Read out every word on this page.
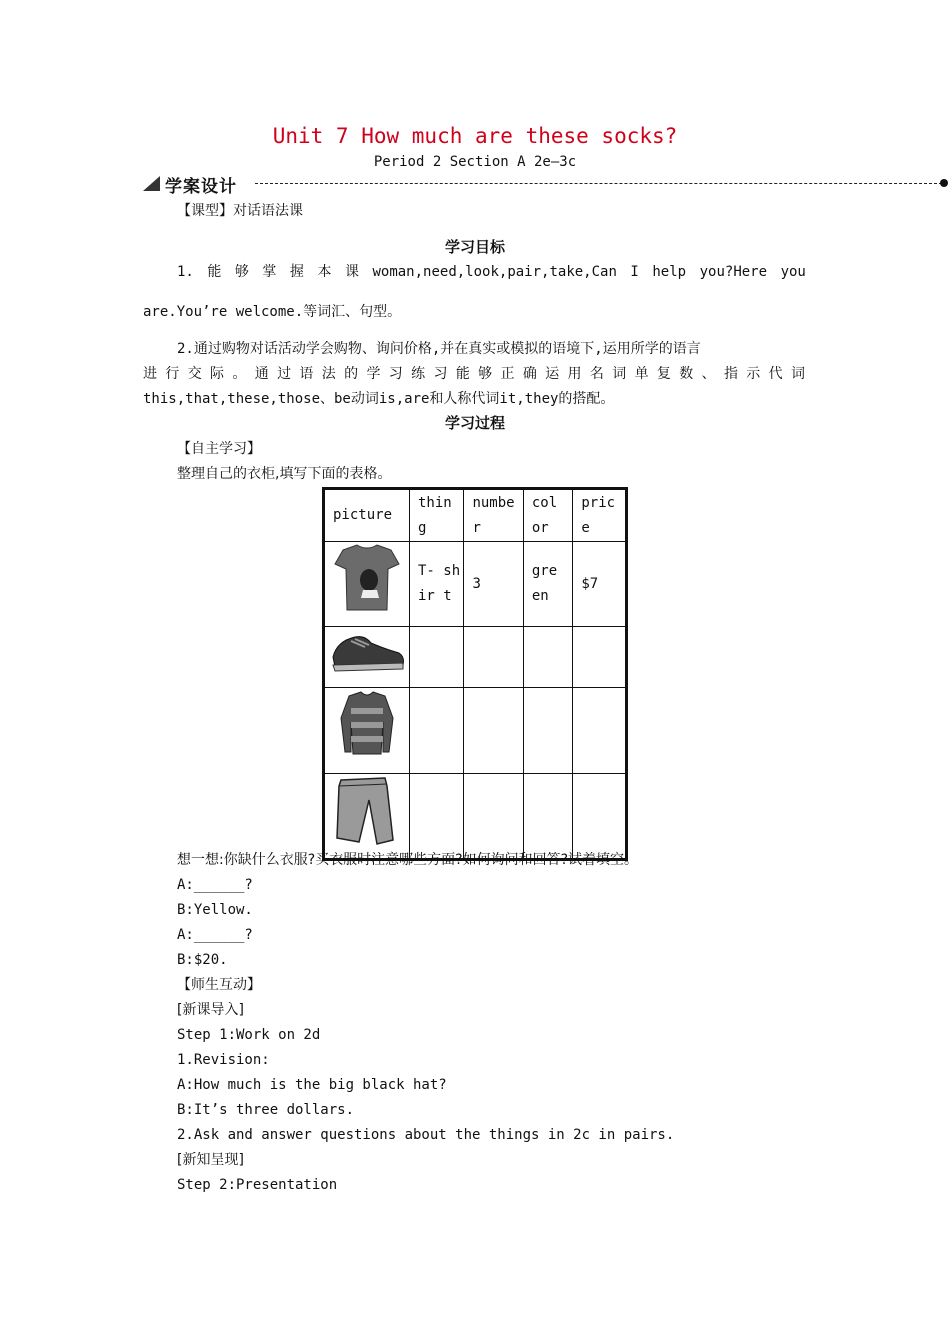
Unit 7 How much are these socks?
Period 2 Section A 2e—3c
学案设计
【课型】对话语法课
学习目标
1. 能 够 掌 握 本 课 woman,need,look,pair,take,Can I help you?Here you
are.You’re welcome.等词汇、句型。
2.通过购物对话活动学会购物、询问价格,并在真实或模拟的语境下,运用所学的语言
进 行 交 际 。 通 过 语 法 的 学 习 练 习 能 够 正 确 运 用 名 词 单 复 数 、 指 示 代 词
this,that,these,those、be动词is,are和人称代词it,they的搭配。
学习过程
【自主学习】
整理自己的衣柜,填写下面的表格。
picture	thin g	numbe r	col or	pric e
	T- shir t	3	gre en	$7

想一想:你缺什么衣服?买衣服时注意哪些方面?如何询问和回答?试着填空。
A:______?
B:Yellow.
A:______?
B:$20.
【师生互动】
[新课导入]
Step 1:Work on 2d
1.Revision:
A:How much is the big black hat?
B:It’s three dollars.
2.Ask and answer questions about the things in 2c in pairs.
[新知呈现]
Step 2:Presentation
